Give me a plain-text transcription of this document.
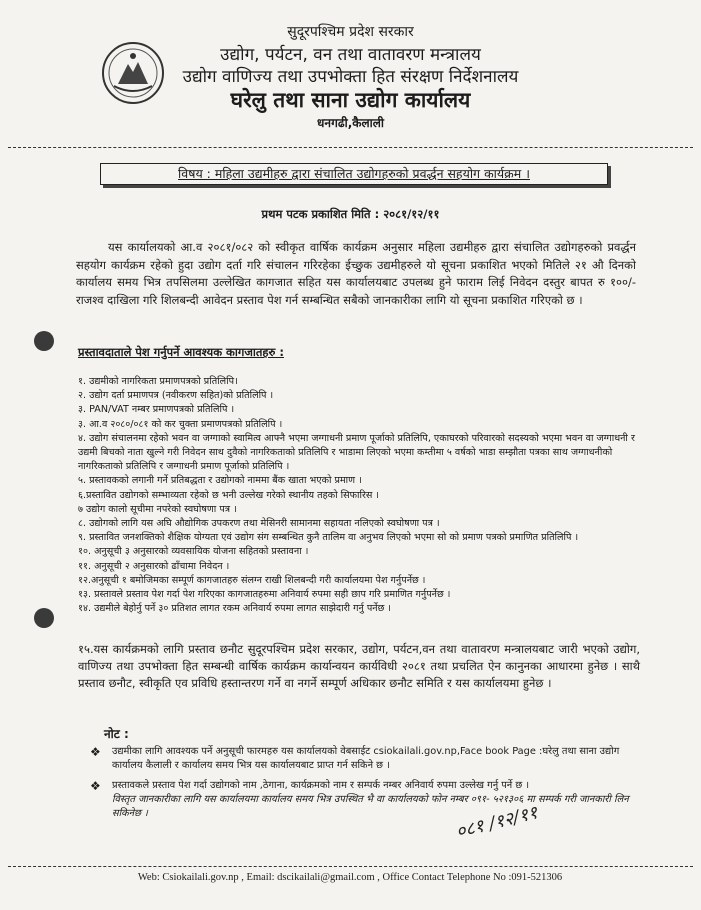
सुदूरपश्चिम प्रदेश सरकार
उद्योग, पर्यटन, वन तथा वातावरण मन्त्रालय
उद्योग वाणिज्य तथा उपभोक्ता हित संरक्षण निर्देशनालय
घरेलु तथा साना उद्योग कार्यालय
धनगढी,कैलाली
विषय : महिला उद्यमीहरु द्वारा संचालित उद्योगहरुको प्रवर्द्धन सहयोग कार्यक्रम ।
प्रथम पटक प्रकाशित मिति : २०८१/१२/११
यस कार्यालयको आ.व २०८१/०८२ को स्वीकृत वार्षिक कार्यक्रम अनुसार महिला उद्यमीहरु द्वारा संचालित उद्योगहरुको प्रवर्द्धन सहयोग कार्यक्रम रहेको हुदा उद्योग दर्ता गरि संचालन गरिरहेका ईच्छुक उद्यमीहरुले यो सूचना प्रकाशित भएको मितिले २१ औ दिनको कार्यालय समय भित्र तपसिलमा उल्लेखित कागजात सहित यस कार्यालयबाट उपलब्ध हुने फाराम लिई निवेदन दस्तुर बापत रु १००/-राजश्व दाखिला गरि शिलबन्दी आवेदन प्रस्ताव पेश गर्न सम्बन्धित सबैको जानकारीका लागि यो सूचना प्रकाशित गरिएको छ ।
प्रस्तावदाताले पेश गर्नुपर्ने आवश्यक कागजातहरु :
१. उद्यमीको नागरिकता प्रमाणपत्रको प्रतिलिपि।
२. उद्योग दर्ता प्रमाणपत्र (नवीकरण सहित)को प्रतिलिपि ।
३. PAN/VAT नम्बर प्रमाणपत्रको प्रतिलिपि ।
३. आ.व २०८०/०८१ को कर चुक्ता प्रमाणपत्रको प्रतिलिपि ।
४. उद्योग संचालनमा रहेको भवन वा जग्गाको स्वामित्व आफ्नै भएमा जग्गाधनी प्रमाण पूर्जाको प्रतिलिपि, एकाघरको परिवारको सदस्यको भएमा भवन वा जग्गाधनी र उद्यमी बिचको नाता खुल्ने गरी निवेदन साथ दुवैको नागरिकताको प्रतिलिपि र भाडामा लिएको भएमा कम्तीमा ५ वर्षको भाडा सम्झौता पत्रका साथ जग्गाधनीको नागरिकताको प्रतिलिपि र जग्गाधनी प्रमाण पूर्जाको प्रतिलिपि ।
५. प्रस्तावकको लगानी गर्ने प्रतिबद्धता र उद्योगको नाममा बैंक खाता भएको प्रमाण ।
६.प्रस्तावित उद्योगको सम्भाव्यता रहेको छ भनी उल्लेख गरेको स्थानीय तहको सिफारिस ।
७ उद्योग कालो सूचीमा नपरेको स्वघोषणा पत्र ।
८. उद्योगको लागि यस अघि औद्योगिक उपकरण तथा मेसिनरी सामानमा सहायता नलिएको स्वघोषणा पत्र ।
९. प्रस्तावित जनशक्तिको शैक्षिक योग्यता एवं उद्योग संग सम्बन्धित कुनै तालिम वा अनुभव लिएको भएमा सो को प्रमाण पत्रको प्रमाणित प्रतिलिपि ।
१०. अनुसूची ३ अनुसारको व्यवसायिक योजना सहितको प्रस्तावना ।
११. अनुसूची २ अनुसारको ढाँचामा निवेदन ।
१२.अनुसूची १ बमोजिमका सम्पूर्ण कागजातहरु संलग्न राखी शिलबन्दी गरी कार्यालयमा पेश गर्नुपर्नेछ ।
१३. प्रस्तावले प्रस्ताव पेश गर्दा पेश गरिएका कागजातहरुमा अनिवार्य रुपमा सही छाप गरि प्रमाणित गर्नुपर्नेछ ।
१४. उद्यमीले बेहोर्नु पर्ने ३० प्रतिशत लागत रकम अनिवार्य रुपमा लागत साझेदारी गर्नु पर्नेछ ।
१५.यस कार्यक्रमको लागि प्रस्ताव छनौट सुदूरपश्चिम प्रदेश सरकार, उद्योग, पर्यटन,वन तथा वातावरण मन्त्रालयबाट जारी भएको उद्योग, वाणिज्य तथा उपभोक्ता हित सम्बन्धी वार्षिक कार्यक्रम कार्यान्वयन कार्यविधी २०८१ तथा प्रचलित ऐन कानुनका आधारमा हुनेछ । साथै प्रस्ताव छनौट, स्वीकृति एव प्रविधि हस्तान्तरण गर्ने वा नगर्ने सम्पूर्ण अधिकार छनौट समिति र यस कार्यालयमा हुनेछ ।
नोट :
❖ उद्यमीका लागि आवश्यक पर्ने अनुसूची फारमहरु यस कार्यालयको वेबसाईट csiokailali.gov.np,Face book Page :घरेलु तथा साना उद्योग कार्यालय कैलाली र कार्यालय समय भित्र यस कार्यालयबाट प्राप्त गर्न सकिने छ ।
❖ प्रस्तावकले प्रस्ताव पेश गर्दा उद्योगको नाम ,ठेगाना, कार्यक्रमको नाम र सम्पर्क नम्बर अनिवार्य रुपमा उल्लेख गर्नु पर्ने छ ।
विस्तृत जानकारीका लागि यस कार्यालयमा कार्यालय समय भित्र उपस्थित भै वा कार्यालयको फोन नम्बर ०९१- ५२१३०६ मा सम्पर्क गरी जानकारी लिन सकिनेछ ।	०८१ /१२/११
Web: Csiokailali.gov.np , Email: dscikailali@gmail.com , Office Contact Telephone No :091-521306
